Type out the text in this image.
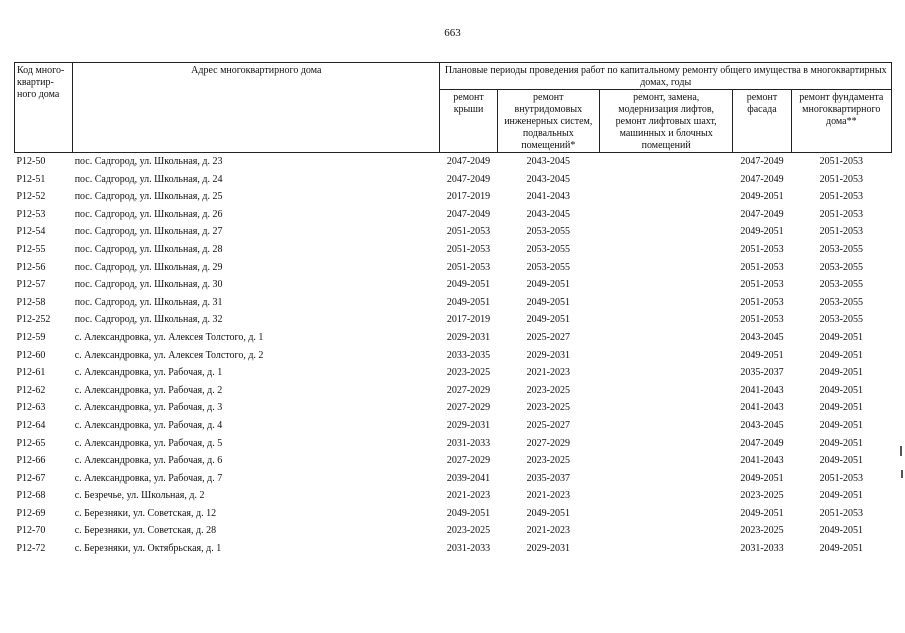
663
Код много-квартир-ного дома	Адрес многоквартирного дома	Плановые периоды проведения работ по капитальному ремонту общего имущества в многоквартирных домах, годы				
		ремонт крыши	ремонт внутридомовых инженерных систем, подвальных помещений*	ремонт, замена, модернизация лифтов, ремонт лифтовых шахт, машинных и блочных помещений	ремонт фасада	ремонт фундамента многоквартирного дома**
Р12-50	пос. Садгород, ул. Школьная, д. 23	2047-2049	2043-2045		2047-2049	2051-2053
Р12-51	пос. Садгород, ул. Школьная, д. 24	2047-2049	2043-2045		2047-2049	2051-2053
Р12-52	пос. Садгород, ул. Школьная, д. 25	2017-2019	2041-2043		2049-2051	2051-2053
Р12-53	пос. Садгород, ул. Школьная, д. 26	2047-2049	2043-2045		2047-2049	2051-2053
Р12-54	пос. Садгород, ул. Школьная, д. 27	2051-2053	2053-2055		2049-2051	2051-2053
Р12-55	пос. Садгород, ул. Школьная, д. 28	2051-2053	2053-2055		2051-2053	2053-2055
Р12-56	пос. Садгород, ул. Школьная, д. 29	2051-2053	2053-2055		2051-2053	2053-2055
Р12-57	пос. Садгород, ул. Школьная, д. 30	2049-2051	2049-2051		2051-2053	2053-2055
Р12-58	пос. Садгород, ул. Школьная, д. 31	2049-2051	2049-2051		2051-2053	2053-2055
Р12-252	пос. Садгород, ул. Школьная, д. 32	2017-2019	2049-2051		2051-2053	2053-2055
Р12-59	с. Александровка, ул. Алексея Толстого, д. 1	2029-2031	2025-2027		2043-2045	2049-2051
Р12-60	с. Александровка, ул. Алексея Толстого, д. 2	2033-2035	2029-2031		2049-2051	2049-2051
Р12-61	с. Александровка, ул. Рабочая, д. 1	2023-2025	2021-2023		2035-2037	2049-2051
Р12-62	с. Александровка, ул. Рабочая, д. 2	2027-2029	2023-2025		2041-2043	2049-2051
Р12-63	с. Александровка, ул. Рабочая, д. 3	2027-2029	2023-2025		2041-2043	2049-2051
Р12-64	с. Александровка, ул. Рабочая, д. 4	2029-2031	2025-2027		2043-2045	2049-2051
Р12-65	с. Александровка, ул. Рабочая, д. 5	2031-2033	2027-2029		2047-2049	2049-2051
Р12-66	с. Александровка, ул. Рабочая, д. 6	2027-2029	2023-2025		2041-2043	2049-2051
Р12-67	с. Александровка, ул. Рабочая, д. 7	2039-2041	2035-2037		2049-2051	2051-2053
Р12-68	с. Безречье, ул. Школьная, д. 2	2021-2023	2021-2023		2023-2025	2049-2051
Р12-69	с. Березняки, ул. Советская, д. 12	2049-2051	2049-2051		2049-2051	2051-2053
Р12-70	с. Березняки, ул. Советская, д. 28	2023-2025	2021-2023		2023-2025	2049-2051
Р12-72	с. Березняки, ул. Октябрьская, д. 1	2031-2033	2029-2031		2031-2033	2049-2051
